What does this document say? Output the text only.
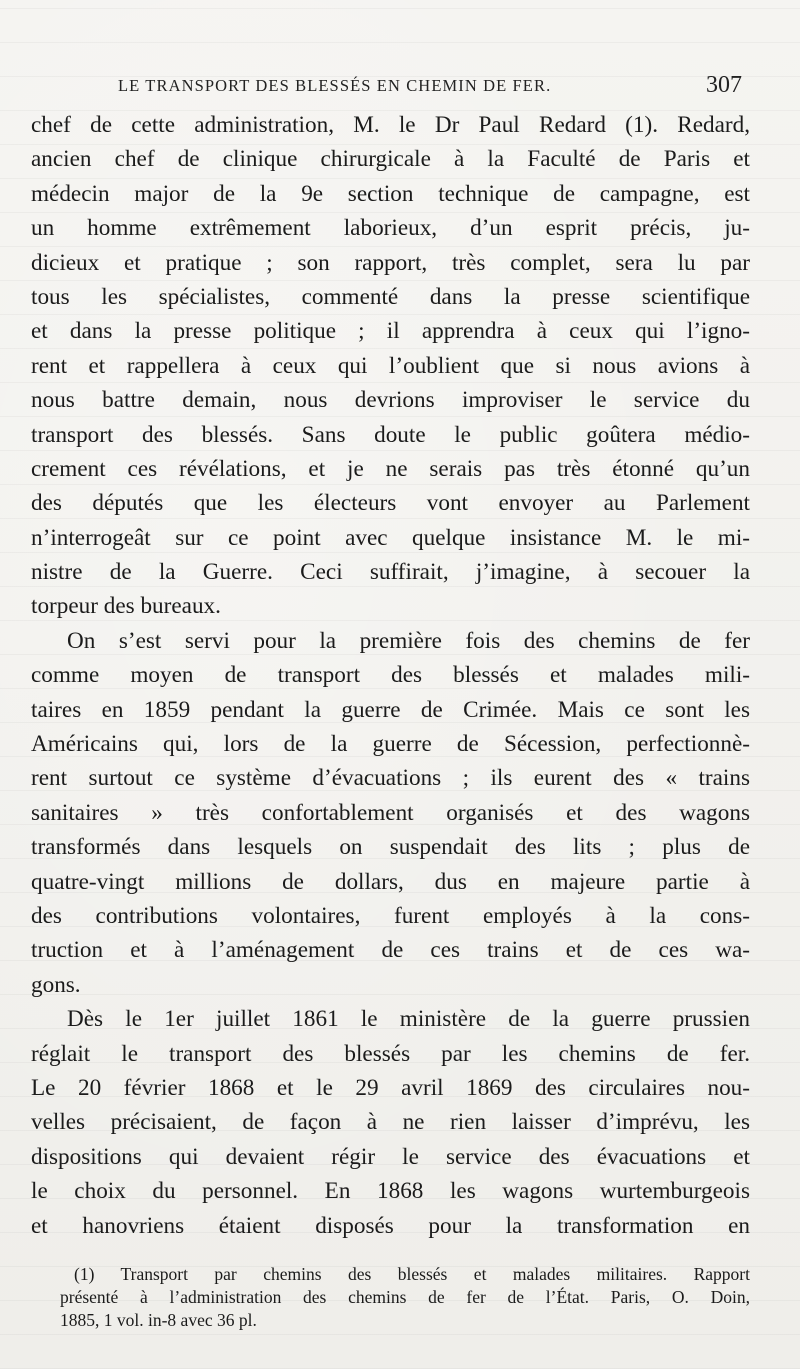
LE TRANSPORT DES BLESSÉS EN CHEMIN DE FER.	307
chef de cette administration, M. le Dr Paul Redard (1). Redard,
ancien chef de clinique chirurgicale à la Faculté de Paris et
médecin major de la 9e section technique de campagne, est
un homme extrêmement laborieux, d’un esprit précis, ju-
dicieux et pratique ; son rapport, très complet, sera lu par
tous les spécialistes, commenté dans la presse scientifique
et dans la presse politique ; il apprendra à ceux qui l’igno-
rent et rappellera à ceux qui l’oublient que si nous avions à
nous battre demain, nous devrions improviser le service du
transport des blessés. Sans doute le public goûtera médio-
crement ces révélations, et je ne serais pas très étonné qu’un
des députés que les électeurs vont envoyer au Parlement
n’interrogeât sur ce point avec quelque insistance M. le mi-
nistre de la Guerre. Ceci suffirait, j’imagine, à secouer la
torpeur des bureaux.
On s’est servi pour la première fois des chemins de fer
comme moyen de transport des blessés et malades mili-
taires en 1859 pendant la guerre de Crimée. Mais ce sont les
Américains qui, lors de la guerre de Sécession, perfectionnè-
rent surtout ce système d’évacuations ; ils eurent des « trains
sanitaires » très confortablement organisés et des wagons
transformés dans lesquels on suspendait des lits ; plus de
quatre-vingt millions de dollars, dus en majeure partie à
des contributions volontaires, furent employés à la cons-
truction et à l’aménagement de ces trains et de ces wa-
gons.
Dès le 1er juillet 1861 le ministère de la guerre prussien
réglait le transport des blessés par les chemins de fer.
Le 20 février 1868 et le 29 avril 1869 des circulaires nou-
velles précisaient, de façon à ne rien laisser d’imprévu, les
dispositions qui devaient régir le service des évacuations et
le choix du personnel. En 1868 les wagons wurtemburgeois
et hanovriens étaient disposés pour la transformation en
(1) Transport par chemins des blessés et malades militaires. Rapport
présenté à l’administration des chemins de fer de l’État. Paris, O. Doin,
1885, 1 vol. in-8 avec 36 pl.
